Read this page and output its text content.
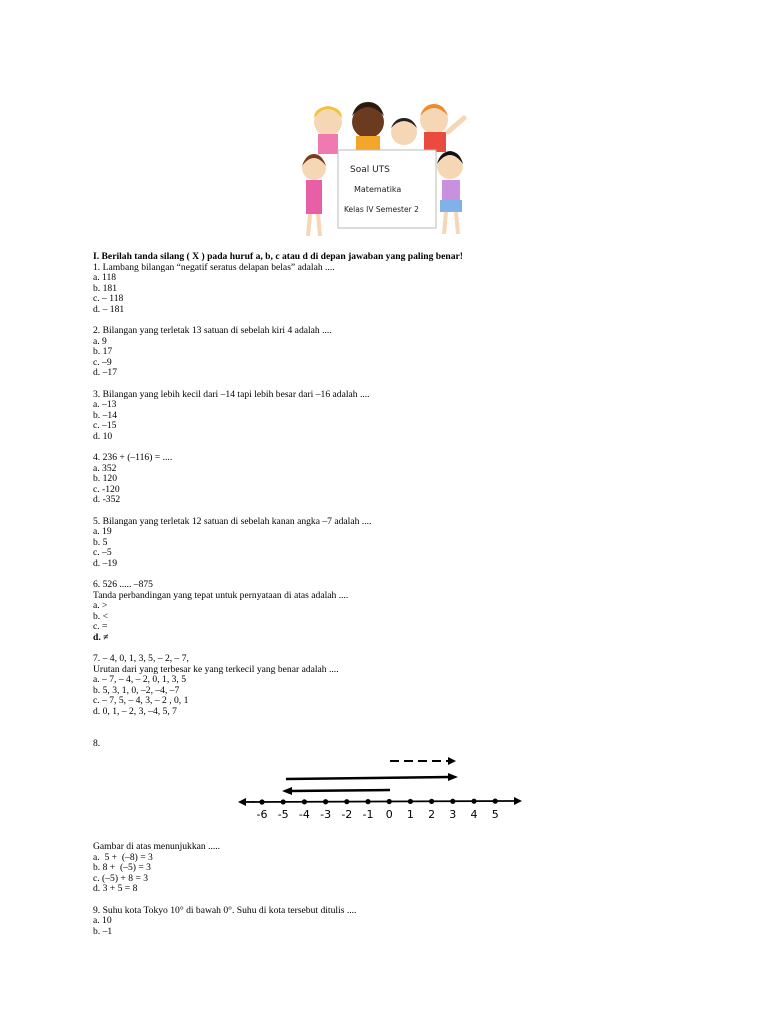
Soal UTS
Matematika
Kelas IV Semester 2
I. Berilah tanda silang ( X ) pada huruf a, b, c atau d di depan jawaban yang paling benar!
1. Lambang bilangan “negatif seratus delapan belas” adalah ....
a. 118
b. 181
c. – 118
d. – 181
2. Bilangan yang terletak 13 satuan di sebelah kiri 4 adalah ....
a. 9
b. 17
c. –9
d. –17
3. Bilangan yang lebih kecil dari –14 tapi lebih besar dari –16 adalah ....
a. –13
b. –14
c. –15
d. 10
4. 236 + (–116) = ....
a. 352
b. 120
c. -120
d. -352
5. Bilangan yang terletak 12 satuan di sebelah kanan angka –7 adalah ....
a. 19
b. 5
c. –5
d. –19
6. 526 ..... –875
Tanda perbandingan yang tepat untuk pernyataan di atas adalah ....
a. >
b. <
c. =
d. ≠
7. – 4, 0, 1, 3, 5, – 2, – 7,
Urutan dari yang terbesar ke yang terkecil yang benar adalah ....
a. – 7, – 4, – 2, 0, 1, 3, 5
b. 5, 3, 1, 0, –2, –4, –7
c. – 7, 5, – 4, 3, – 2 , 0, 1
d. 0, 1, – 2, 3, –4, 5, 7
8.
-6 -5 -4 -3 -2 -1 0 1 2 3 4 5
Gambar di atas menunjukkan .....
a.  5 +  (–8) = 3
b. 8 +  (–5) = 3
c. (–5) + 8 = 3
d. 3 + 5 = 8
9. Suhu kota Tokyo 10° di bawah 0°. Suhu di kota tersebut ditulis ....
a. 10
b. –1
